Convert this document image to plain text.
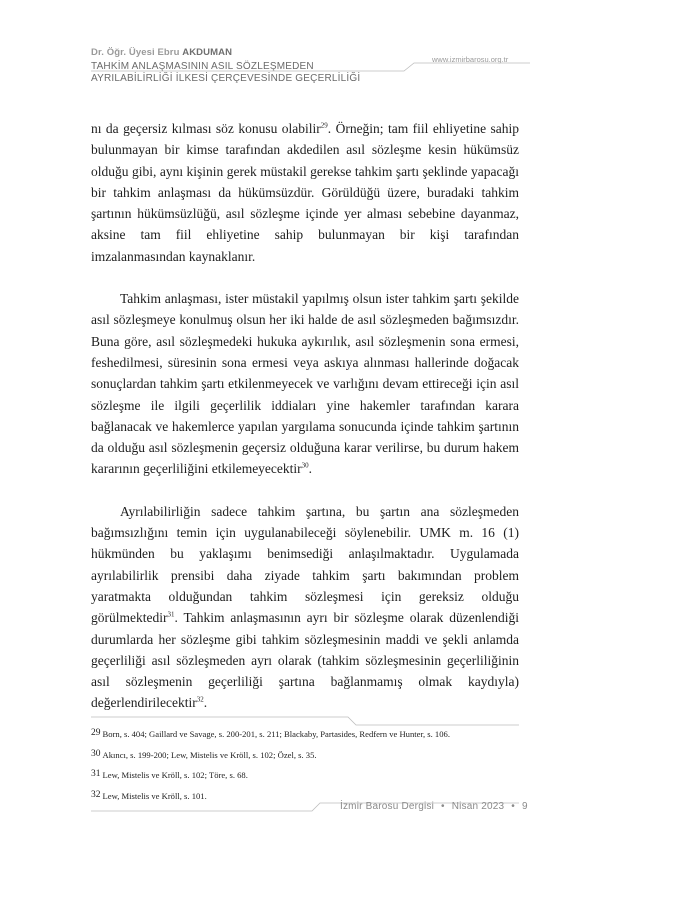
Dr. Öğr. Üyesi Ebru AKDUMAN
TAHKİM ANLAŞMASININ ASIL SÖZLEŞMEDEN
AYRILABİLİRLİĞİ İLKESİ ÇERÇEVESİNDE GEÇERLİLİĞİ
www.izmirbarosu.org.tr

nı da geçersiz kılması söz konusu olabilir$^{29}$. Örneğin; tam fiil ehliyetine sahip bulunmayan bir kimse tarafından akdedilen asıl sözleşme kesin hükümsüz olduğu gibi, aynı kişinin gerek müstakil gerekse tahkim şartı şeklinde yapacağı bir tahkim anlaşması da hükümsüzdür. Görüldüğü üzere, buradaki tahkim şartının hükümsüzlüğü, asıl sözleşme içinde yer alması sebebine dayanmaz, aksine tam fiil ehliyetine sahip bulunmayan bir kişi tarafından imzalanmasından kaynaklanır.

Tahkim anlaşması, ister müstakil yapılmış olsun ister tahkim şartı şekilde asıl sözleşmeye konulmuş olsun her iki halde de asıl sözleşmeden bağımsızdır. Buna göre, asıl sözleşmedeki hukuka aykırılık, asıl sözleşmenin sona ermesi, feshedilmesi, süresinin sona ermesi veya askıya alınması hallerinde doğacak sonuçlardan tahkim şartı etkilenmeyecek ve varlığını devam ettireceği için asıl sözleşme ile ilgili geçerlilik iddiaları yine hakemler tarafından karara bağlanacak ve hakemlerce yapılan yargılama sonucunda içinde tahkim şartının da olduğu asıl sözleşmenin geçersiz olduğuna karar verilirse, bu durum hakem kararının geçerliliğini etkilemeyecektir$^{30}$.

Ayrılabilirliğin sadece tahkim şartına, bu şartın ana sözleşmeden bağımsızlığını temin için uygulanabileceği söylenebilir. UMK m. 16 (1) hükmünden bu yaklaşımı benimsediği anlaşılmaktadır. Uygulamada ayrılabilirlik prensibi daha ziyade tahkim şartı bakımından problem yaratmakta olduğundan tahkim sözleşmesi için gereksiz olduğu görülmektedir$^{31}$. Tahkim anlaşmasının ayrı bir sözleşme olarak düzenlendiği durumlarda her sözleşme gibi tahkim sözleşmesinin maddi ve şekli anlamda geçerliliği asıl sözleşmeden ayrı olarak (tahkim sözleşmesinin geçerliliğinin asıl sözleşmenin geçerliliği şartına bağlanmamış olmak kaydıyla) değerlendirilecektir$^{32}$.

29 Born, s. 404; Gaillard ve Savage, s. 200-201, s. 211; Blackaby, Partasides, Redfern ve Hunter, s. 106.
30 Akıncı, s. 199-200; Lew, Mistelis ve Kröll, s. 102; Özel, s. 35.
31 Lew, Mistelis ve Kröll, s. 102; Töre, s. 68.
32 Lew, Mistelis ve Kröll, s. 101.
İzmir Barosu Dergisi • Nisan 2023 • 9
